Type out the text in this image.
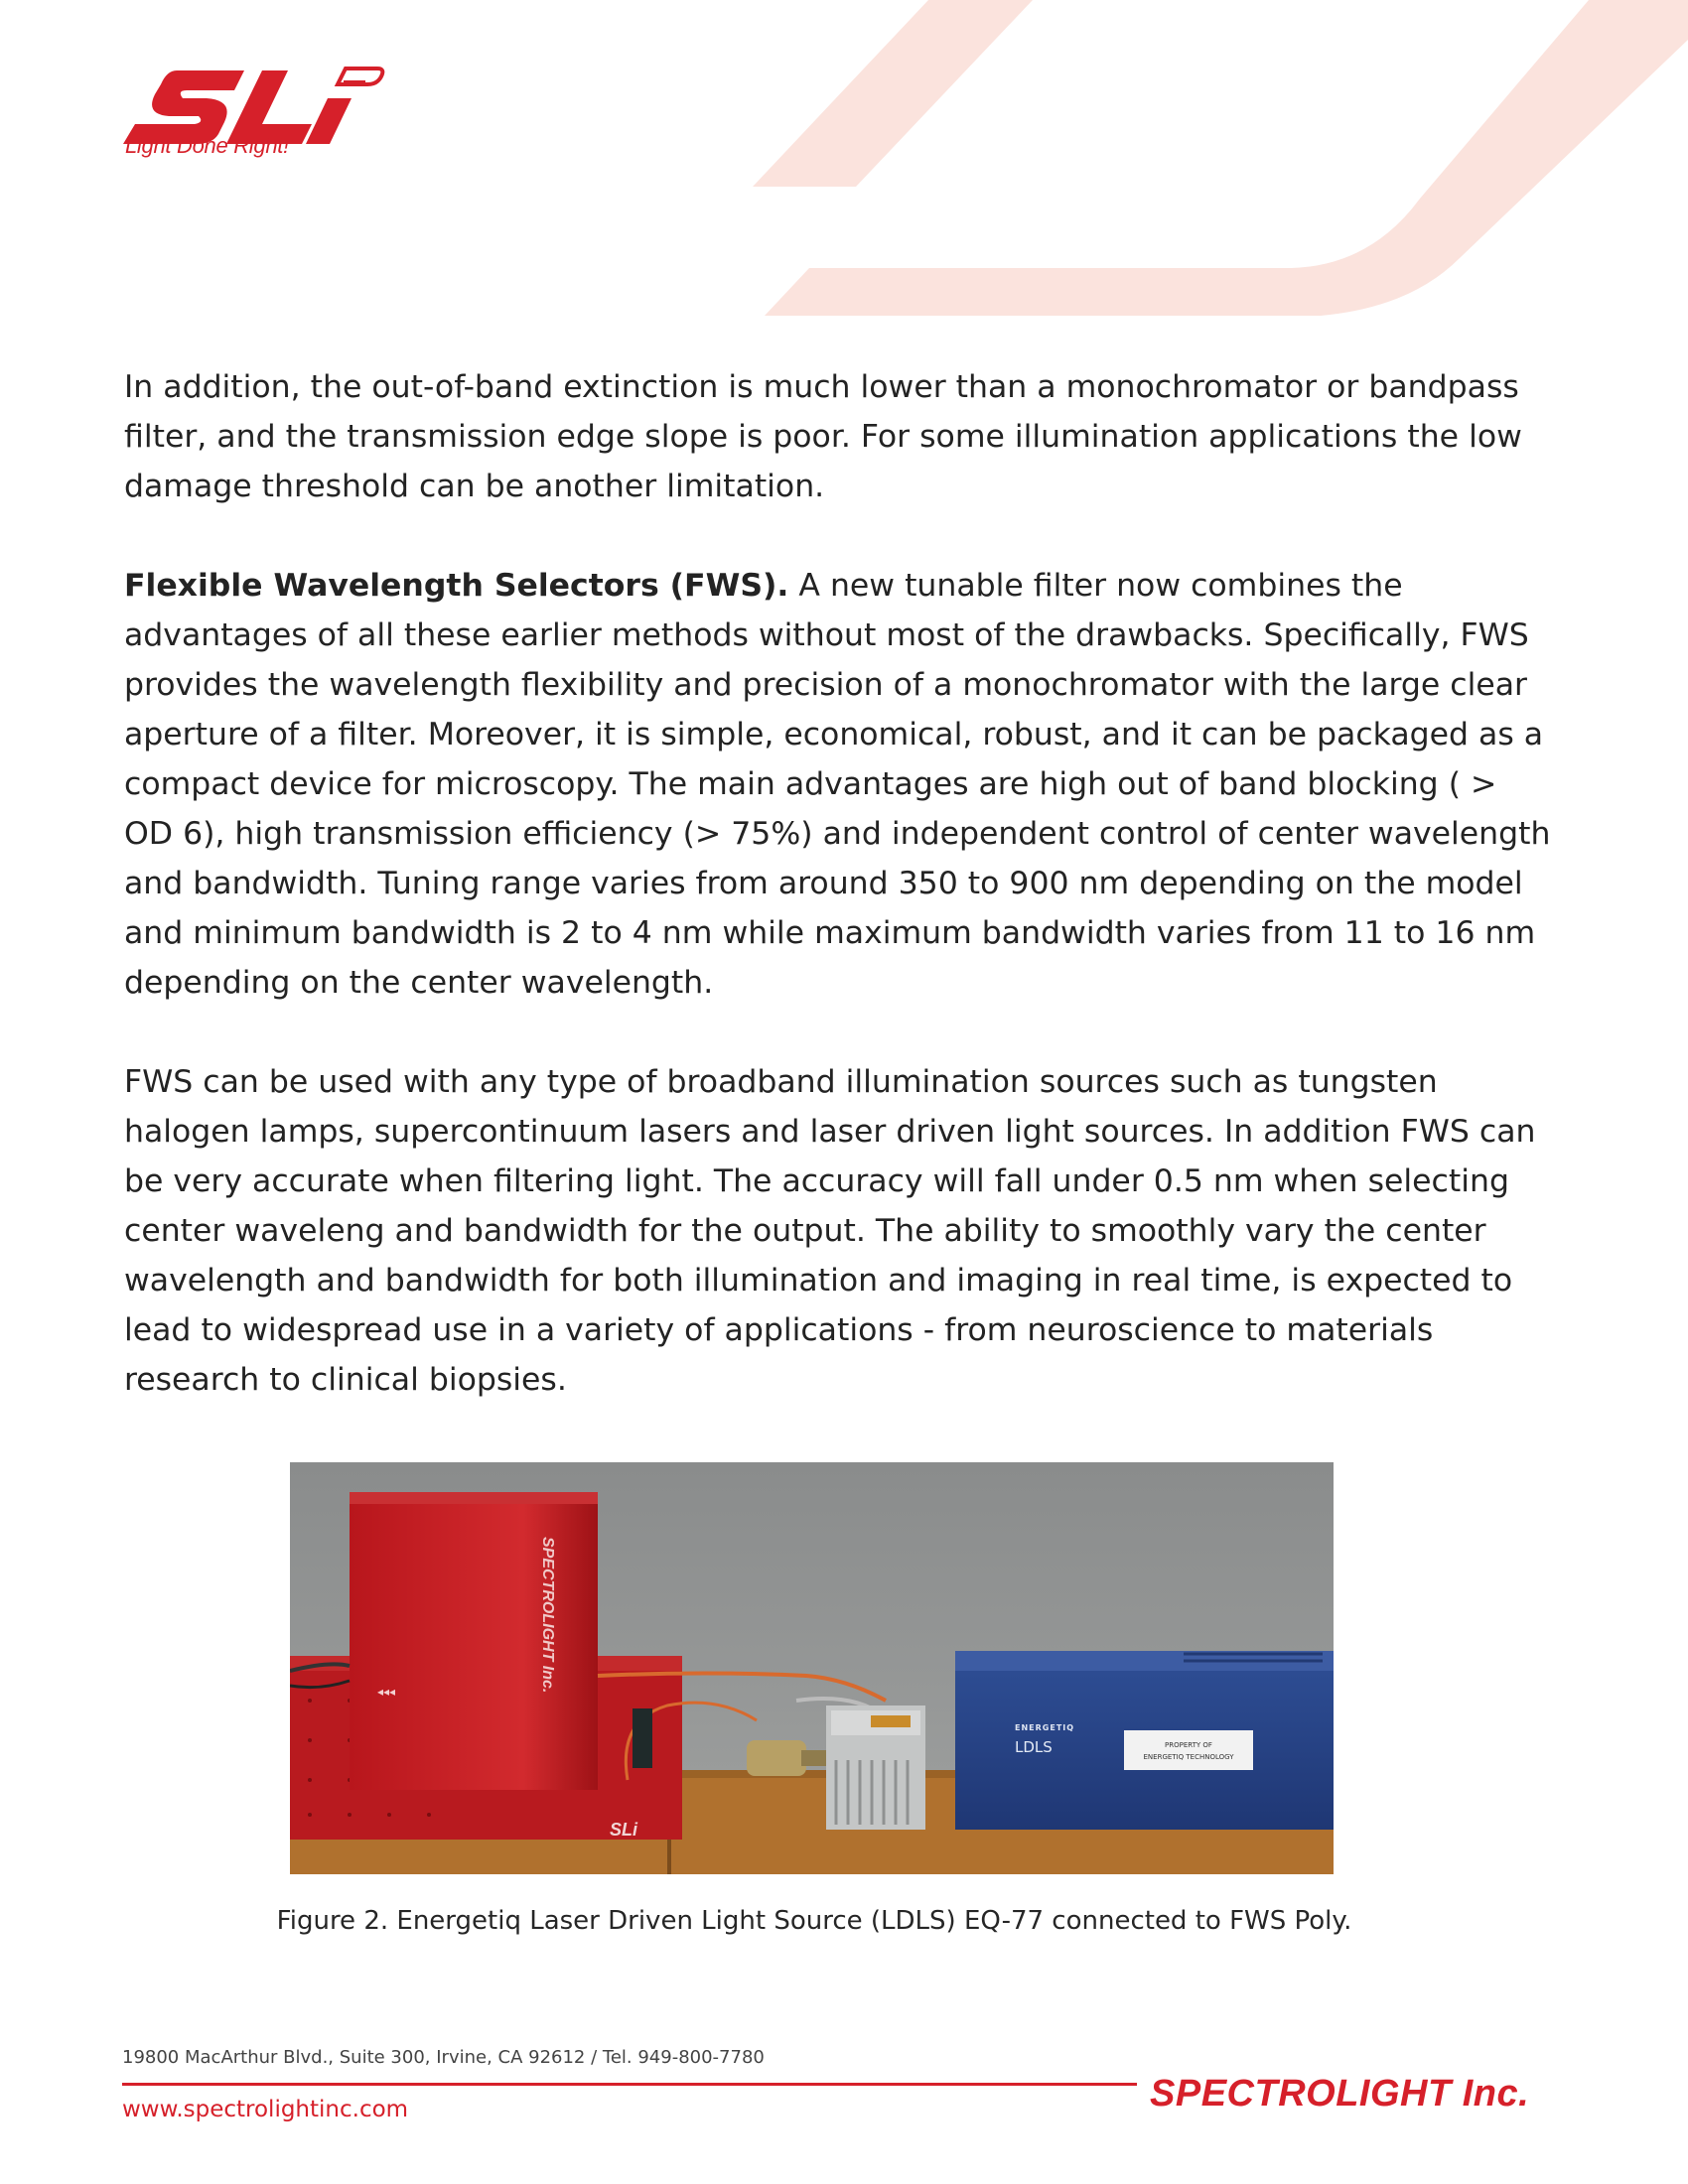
Light Done Right!

In addition, the out-of-band extinction is much lower than a monochromator or bandpass filter, and the transmission edge slope is poor. For some illumination applications the low damage threshold can be another limitation.

Flexible Wavelength Selectors (FWS). A new tunable filter now combines the advantages of all these earlier methods without most of the drawbacks. Specifically, FWS provides the wavelength flexibility and precision of a monochromator with the large clear aperture of a filter. Moreover, it is simple, economical, robust, and it can be packaged as a compact device for microscopy. The main advantages are high out of band blocking ( > OD 6), high transmission efficiency (> 75%) and independent control of center wavelength and bandwidth. Tuning range varies from around 350 to 900 nm depending on the model and minimum bandwidth is 2 to 4 nm while maximum bandwidth varies from 11 to 16 nm depending on the center wavelength.

FWS can be used with any type of broadband illumination sources such as tungsten halogen lamps, supercontinuum lasers and laser driven light sources. In addition FWS can be very accurate when filtering light. The accuracy will fall under 0.5 nm when selecting center waveleng and bandwidth for the output. The ability to smoothly vary the center wavelength and bandwidth for both illumination and imaging in real time, is expected to lead to widespread use in a variety of applications - from neuroscience to materials research to clinical biopsies.

SLi
SPECTROLIGHT Inc.
◂◂◂
ENERGETIQ
LDLS	PROPERTY OF
ENERGETIQ TECHNOLOGY
Figure 2. Energetiq Laser Driven Light Source (LDLS) EQ-77 connected to FWS Poly.
19800 MacArthur Blvd., Suite 300, Irvine, CA 92612 / Tel. 949-800-7780
www.spectrolightinc.com	SPECTROLIGHT Inc.
